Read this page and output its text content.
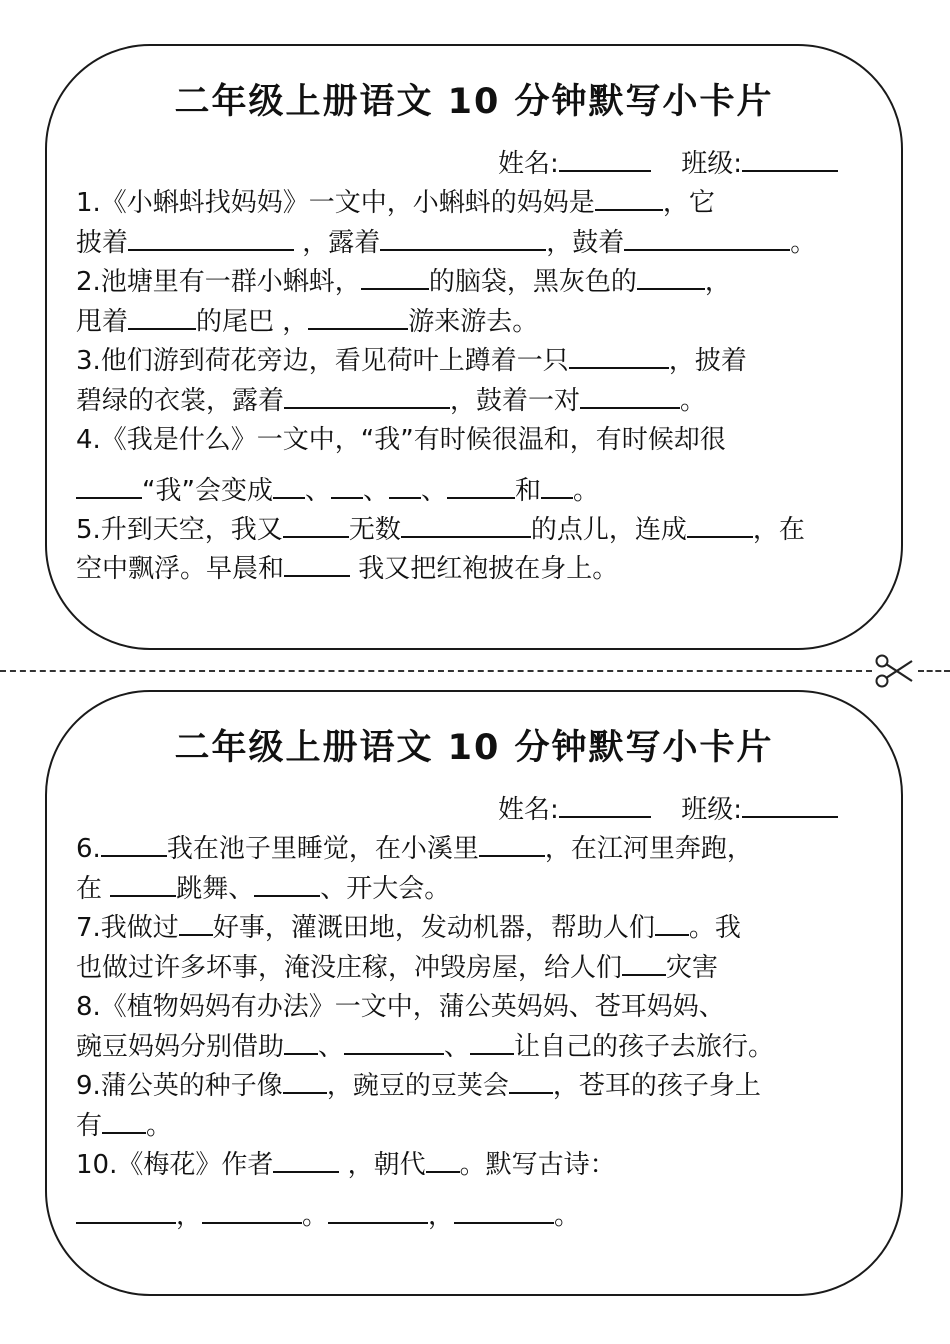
二年级上册语文 10 分钟默写小卡片
姓名:	班级:
1.《小蝌蚪找妈妈》一文中，小蝌蚪的妈妈是	，它
披着	，露着	，鼓着	。
2.池塘里有一群小蝌蚪，	的脑袋，黑灰色的	，
甩着	的尾巴 ，	游来游去。
3.他们游到荷花旁边，看见荷叶上蹲着一只	，披着
碧绿的衣裳，露着	，鼓着一对	。
4.《我是什么》一文中，“我”有时候很温和，有时候却很
“我”会变成 、 、 、	和 。
5.升到天空，我又	无数	的点儿，连成	，在
空中飘浮。早晨和	我又把红袍披在身上。
二年级上册语文 10 分钟默写小卡片
姓名:	班级:
6.	我在池子里睡觉，在小溪里	，在江河里奔跑，
在	跳舞、	、开大会。
7.我做过 好事，灌溉田地，发动机器，帮助人们 。我
也做过许多坏事，淹没庄稼，冲毁房屋，给人们 灾害
8.《植物妈妈有办法》一文中，蒲公英妈妈、苍耳妈妈、
豌豆妈妈分别借助 、	、 让自己的孩子去旅行。
9.蒲公英的种子像 ，豌豆的豆荚会 ，苍耳的孩子身上
有 。
10.《梅花》作者	，朝代 。默写古诗：
，	。	，	。
